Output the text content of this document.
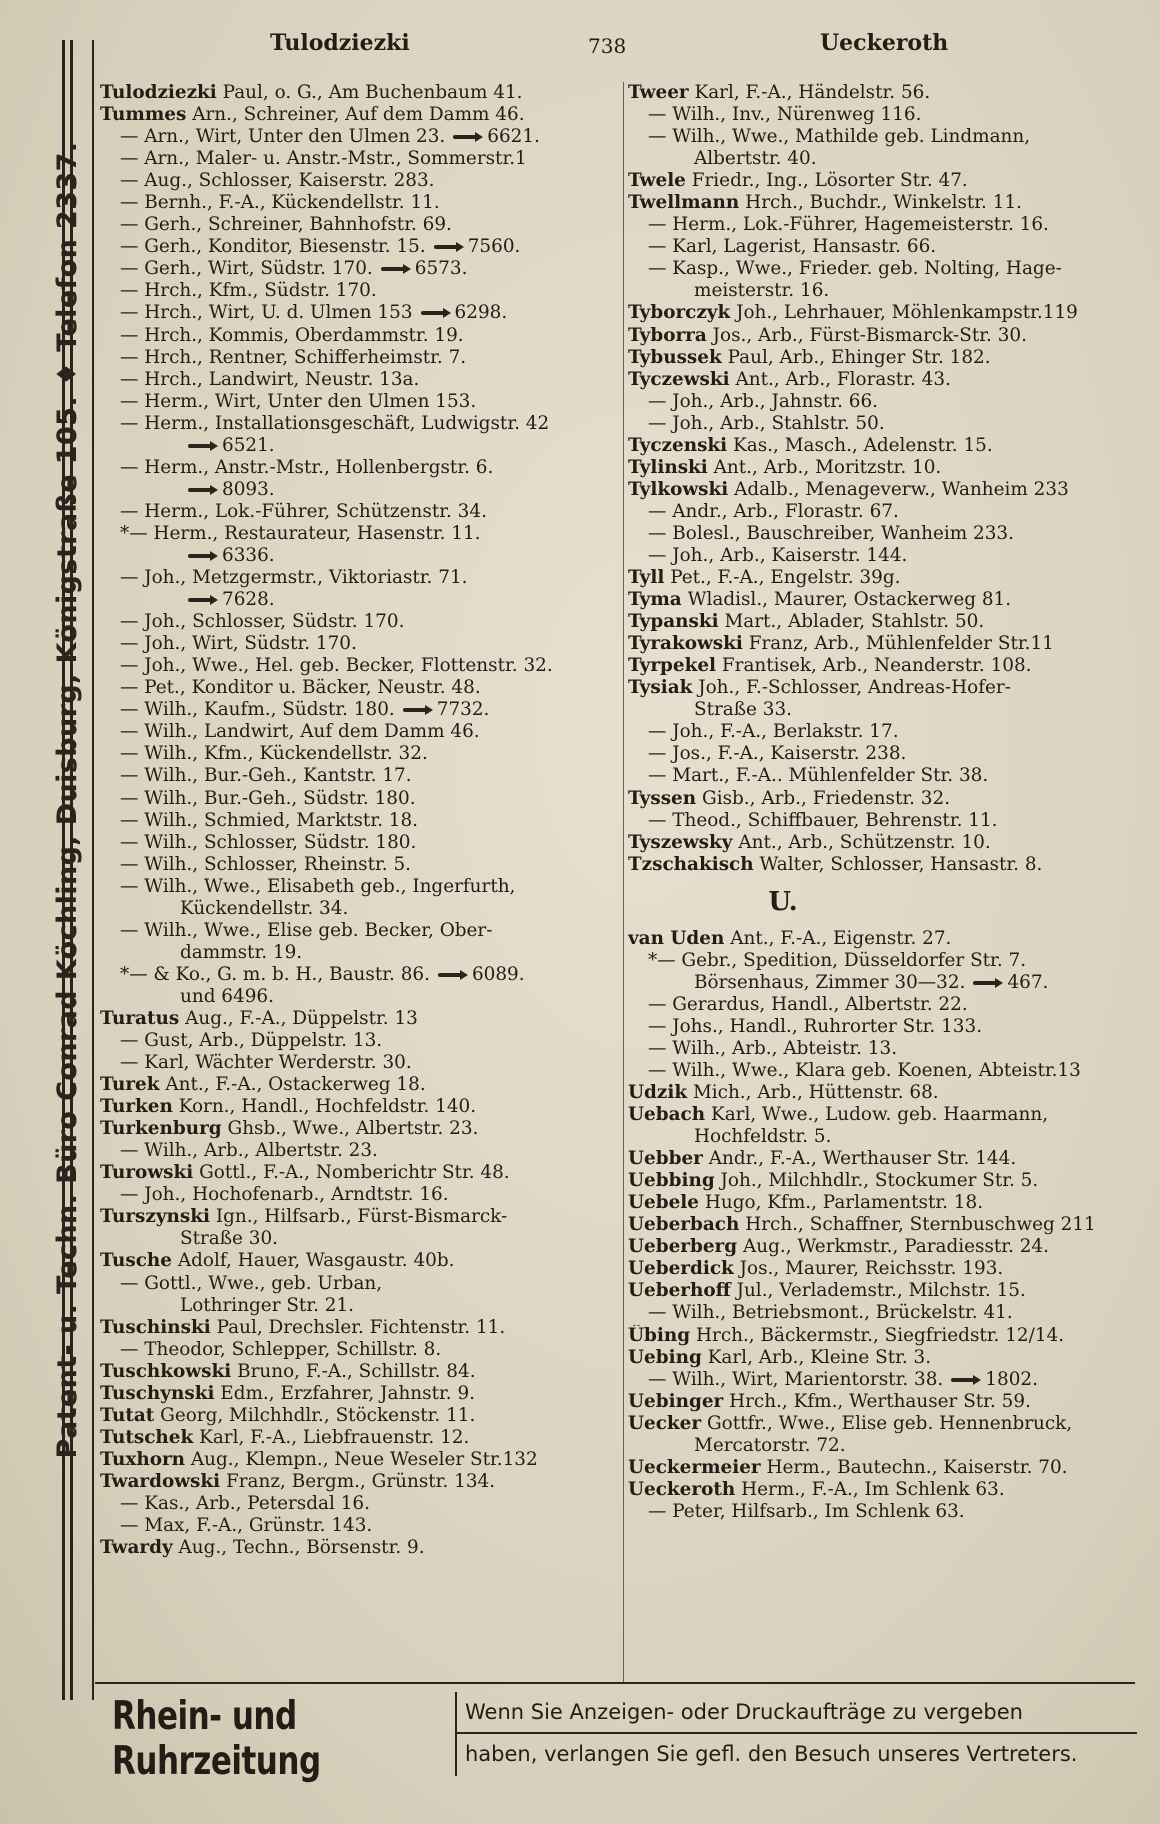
Patent- u. Techn. Büro Conrad Köchling, Duisburg, Königstraße 105. ♦ Telefon 2337.
Tulodziezki	738	Ueckeroth
Tulodziezki Paul, o. G., Am Buchenbaum 41.
Tummes Arn., Schreiner, Auf dem Damm 46.
— Arn., Wirt, Unter den Ulmen 23. 6621.
— Arn., Maler- u. Anstr.-Mstr., Sommerstr.1
— Aug., Schlosser, Kaiserstr. 283.
— Bernh., F.-A., Kückendellstr. 11.
— Gerh., Schreiner, Bahnhofstr. 69.
— Gerh., Konditor, Biesenstr. 15. 7560.
— Gerh., Wirt, Südstr. 170. 6573.
— Hrch., Kfm., Südstr. 170.
— Hrch., Wirt, U. d. Ulmen 153 6298.
— Hrch., Kommis, Oberdammstr. 19.
— Hrch., Rentner, Schifferheimstr. 7.
— Hrch., Landwirt, Neustr. 13a.
— Herm., Wirt, Unter den Ulmen 153.
— Herm., Installationsgeschäft, Ludwigstr. 42
6521.
— Herm., Anstr.-Mstr., Hollenbergstr. 6.
8093.
— Herm., Lok.-Führer, Schützenstr. 34.
*— Herm., Restaurateur, Hasenstr. 11.
6336.
— Joh., Metzgermstr., Viktoriastr. 71.
7628.
— Joh., Schlosser, Südstr. 170.
— Joh., Wirt, Südstr. 170.
— Joh., Wwe., Hel. geb. Becker, Flottenstr. 32.
— Pet., Konditor u. Bäcker, Neustr. 48.
— Wilh., Kaufm., Südstr. 180. 7732.
— Wilh., Landwirt, Auf dem Damm 46.
— Wilh., Kfm., Kückendellstr. 32.
— Wilh., Bur.-Geh., Kantstr. 17.
— Wilh., Bur.-Geh., Südstr. 180.
— Wilh., Schmied, Marktstr. 18.
— Wilh., Schlosser, Südstr. 180.
— Wilh., Schlosser, Rheinstr. 5.
— Wilh., Wwe., Elisabeth geb., Ingerfurth,
Kückendellstr. 34.
— Wilh., Wwe., Elise geb. Becker, Ober-
dammstr. 19.
*— & Ko., G. m. b. H., Baustr. 86. 6089.
und 6496.
Turatus Aug., F.-A., Düppelstr. 13
— Gust, Arb., Düppelstr. 13.
— Karl, Wächter Werderstr. 30.
Turek Ant., F.-A., Ostackerweg 18.
Turken Korn., Handl., Hochfeldstr. 140.
Turkenburg Ghsb., Wwe., Albertstr. 23.
— Wilh., Arb., Albertstr. 23.
Turowski Gottl., F.-A., Nomberichtr Str. 48.
— Joh., Hochofenarb., Arndtstr. 16.
Turszynski Ign., Hilfsarb., Fürst-Bismarck-
Straße 30.
Tusche Adolf, Hauer, Wasgaustr. 40b.
— Gottl., Wwe., geb. Urban,
Lothringer Str. 21.
Tuschinski Paul, Drechsler. Fichtenstr. 11.
— Theodor, Schlepper, Schillstr. 8.
Tuschkowski Bruno, F.-A., Schillstr. 84.
Tuschynski Edm., Erzfahrer, Jahnstr. 9.
Tutat Georg, Milchhdlr., Stöckenstr. 11.
Tutschek Karl, F.-A., Liebfrauenstr. 12.
Tuxhorn Aug., Klempn., Neue Weseler Str.132
Twardowski Franz, Bergm., Grünstr. 134.
— Kas., Arb., Petersdal 16.
— Max, F.-A., Grünstr. 143.
Twardy Aug., Techn., Börsenstr. 9.
Tweer Karl, F.-A., Händelstr. 56.
— Wilh., Inv., Nürenweg 116.
— Wilh., Wwe., Mathilde geb. Lindmann,
Albertstr. 40.
Twele Friedr., Ing., Lösorter Str. 47.
Twellmann Hrch., Buchdr., Winkelstr. 11.
— Herm., Lok.-Führer, Hagemeisterstr. 16.
— Karl, Lagerist, Hansastr. 66.
— Kasp., Wwe., Frieder. geb. Nolting, Hage-
meisterstr. 16.
Tyborczyk Joh., Lehrhauer, Möhlenkampstr.119
Tyborra Jos., Arb., Fürst-Bismarck-Str. 30.
Tybussek Paul, Arb., Ehinger Str. 182.
Tyczewski Ant., Arb., Florastr. 43.
— Joh., Arb., Jahnstr. 66.
— Joh., Arb., Stahlstr. 50.
Tyczenski Kas., Masch., Adelenstr. 15.
Tylinski Ant., Arb., Moritzstr. 10.
Tylkowski Adalb., Menageverw., Wanheim 233
— Andr., Arb., Florastr. 67.
— Bolesl., Bauschreiber, Wanheim 233.
— Joh., Arb., Kaiserstr. 144.
Tyll Pet., F.-A., Engelstr. 39g.
Tyma Wladisl., Maurer, Ostackerweg 81.
Typanski Mart., Ablader, Stahlstr. 50.
Tyrakowski Franz, Arb., Mühlenfelder Str.11
Tyrpekel Frantisek, Arb., Neanderstr. 108.
Tysiak Joh., F.-Schlosser, Andreas-Hofer-
Straße 33.
— Joh., F.-A., Berlakstr. 17.
— Jos., F.-A., Kaiserstr. 238.
— Mart., F.-A.. Mühlenfelder Str. 38.
Tyssen Gisb., Arb., Friedenstr. 32.
— Theod., Schiffbauer, Behrenstr. 11.
Tyszewsky Ant., Arb., Schützenstr. 10.
Tzschakisch Walter, Schlosser, Hansastr. 8.
U.
van Uden Ant., F.-A., Eigenstr. 27.
*— Gebr., Spedition, Düsseldorfer Str. 7.
Börsenhaus, Zimmer 30—32. 467.
— Gerardus, Handl., Albertstr. 22.
— Johs., Handl., Ruhrorter Str. 133.
— Wilh., Arb., Abteistr. 13.
— Wilh., Wwe., Klara geb. Koenen, Abteistr.13
Udzik Mich., Arb., Hüttenstr. 68.
Uebach Karl, Wwe., Ludow. geb. Haarmann,
Hochfeldstr. 5.
Uebber Andr., F.-A., Werthauser Str. 144.
Uebbing Joh., Milchhdlr., Stockumer Str. 5.
Uebele Hugo, Kfm., Parlamentstr. 18.
Ueberbach Hrch., Schaffner, Sternbuschweg 211
Ueberberg Aug., Werkmstr., Paradiesstr. 24.
Ueberdick Jos., Maurer, Reichsstr. 193.
Ueberhoff Jul., Verlademstr., Milchstr. 15.
— Wilh., Betriebsmont., Brückelstr. 41.
Übing Hrch., Bäckermstr., Siegfriedstr. 12/14.
Uebing Karl, Arb., Kleine Str. 3.
— Wilh., Wirt, Marientorstr. 38. 1802.
Uebinger Hrch., Kfm., Werthauser Str. 59.
Uecker Gottfr., Wwe., Elise geb. Hennenbruck,
Mercatorstr. 72.
Ueckermeier Herm., Bautechn., Kaiserstr. 70.
Ueckeroth Herm., F.-A., Im Schlenk 63.
— Peter, Hilfsarb., Im Schlenk 63.
Rhein- und Ruhrzeitung
Wenn Sie Anzeigen- oder Druckaufträge zu vergeben
haben, verlangen Sie gefl. den Besuch unseres Vertreters.
